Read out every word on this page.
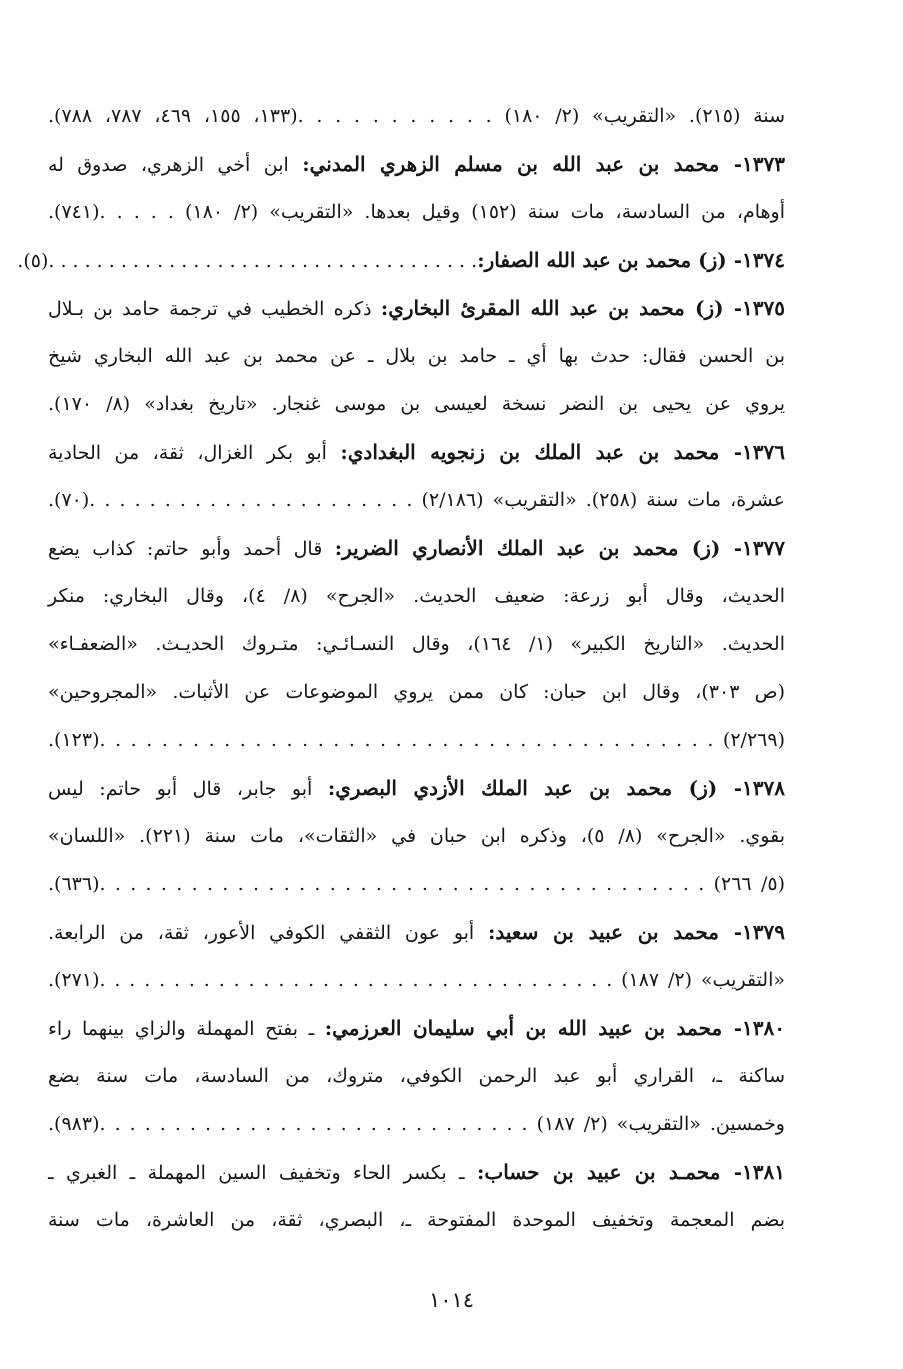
سنة (٢١٥). «التقريب» (٢/ ١٨٠) . . . . . . . . . . .(١٣٣، ١٥٥، ٤٦٩، ٧٨٧، ٧٨٨).
١٣٧٣- محمد بن عبد الله بن مسلم الزهري المدني: ابن أخي الزهري، صدوق له
أوهام، من السادسة، مات سنة (١٥٢) وقيل بعدها. «التقريب» (٢/ ١٨٠) . . . . .(٧٤١).
١٣٧٤- (ز) محمد بن عبد الله الصفار:. . . . . . . . . . . . . . . . . . . . . . . . . . . . . . . . . . . .(٥).
١٣٧٥- (ز) محمد بن عبد الله المقرئ البخاري: ذكره الخطيب في ترجمة حامد بن بـلال
بن الحسن فقال: حدث بها أي ـ حامد بن بلال ـ عن محمد بن عبد الله البخاري شيخ
يروي عن يحيى بن النضر نسخة لعيسى بن موسى غنجار. «تاريخ بغداد» (٨/ ١٧٠).
١٣٧٦- محمد بن عبد الملك بن زنجويه البغدادي: أبو بكر الغزال، ثقة، من الحادية
عشرة، مات سنة (٢٥٨). «التقريب» (٢/١٨٦) . . . . . . . . . . . . . . . . . . . . . .(٧٠).
١٣٧٧- (ز) محمد بن عبد الملك الأنصاري الضرير: قال أحمد وأبو حاتم: كذاب يضع
الحديث، وقال أبو زرعة: ضعيف الحديث. «الجرح» (٨/ ٤)، وقال البخاري: منكر
الحديث. «التاريخ الكبير» (١/ ١٦٤)، وقال النسـائـي: متـروك الحديـث. «الضعفـاء»
(ص ٣٠٣)، وقال ابن حبان: كان ممن يروي الموضوعات عن الأثبات. «المجروحين»
(٢/٢٦٩) . . . . . . . . . . . . . . . . . . . . . . . . . . . . . . . . . . . . . . . .(١٢٣).
١٣٧٨- (ز) محمد بن عبد الملك الأزدي البصري: أبو جابر، قال أبو حاتم: ليس
بقوي. «الجرح» (٨/ ٥)، وذكره ابن حبان في «الثقات»، مات سنة (٢٢١). «اللسان»
(٥/ ٢٦٦) . . . . . . . . . . . . . . . . . . . . . . . . . . . . . . . . . . . . . . . .(٦٣٦).
١٣٧٩- محمد بن عبيد بن سعيد: أبو عون الثقفي الكوفي الأعور، ثقة، من الرابعة.
«التقريب» (٢/ ١٨٧) . . . . . . . . . . . . . . . . . . . . . . . . . . . . . . . . . . .(٢٧١).
١٣٨٠- محمد بن عبيد الله بن أبي سليمان العرزمي: ـ بفتح المهملة والزاي بينهما راء
ساكنة ـ، القراري أبو عبد الرحمن الكوفي، متروك، من السادسة، مات سنة بضع
وخمسين. «التقريب» (٢/ ١٨٧) . . . . . . . . . . . . . . . . . . . . . . . . . . . . .(٩٨٣).
١٣٨١- محمـد بن عبيد بن حساب: ـ بكسر الحاء وتخفيف السين المهملة ـ الغبري ـ
بضم المعجمة وتخفيف الموحدة المفتوحة ـ، البصري، ثقة، من العاشرة، مات سنة
١٠١٤
